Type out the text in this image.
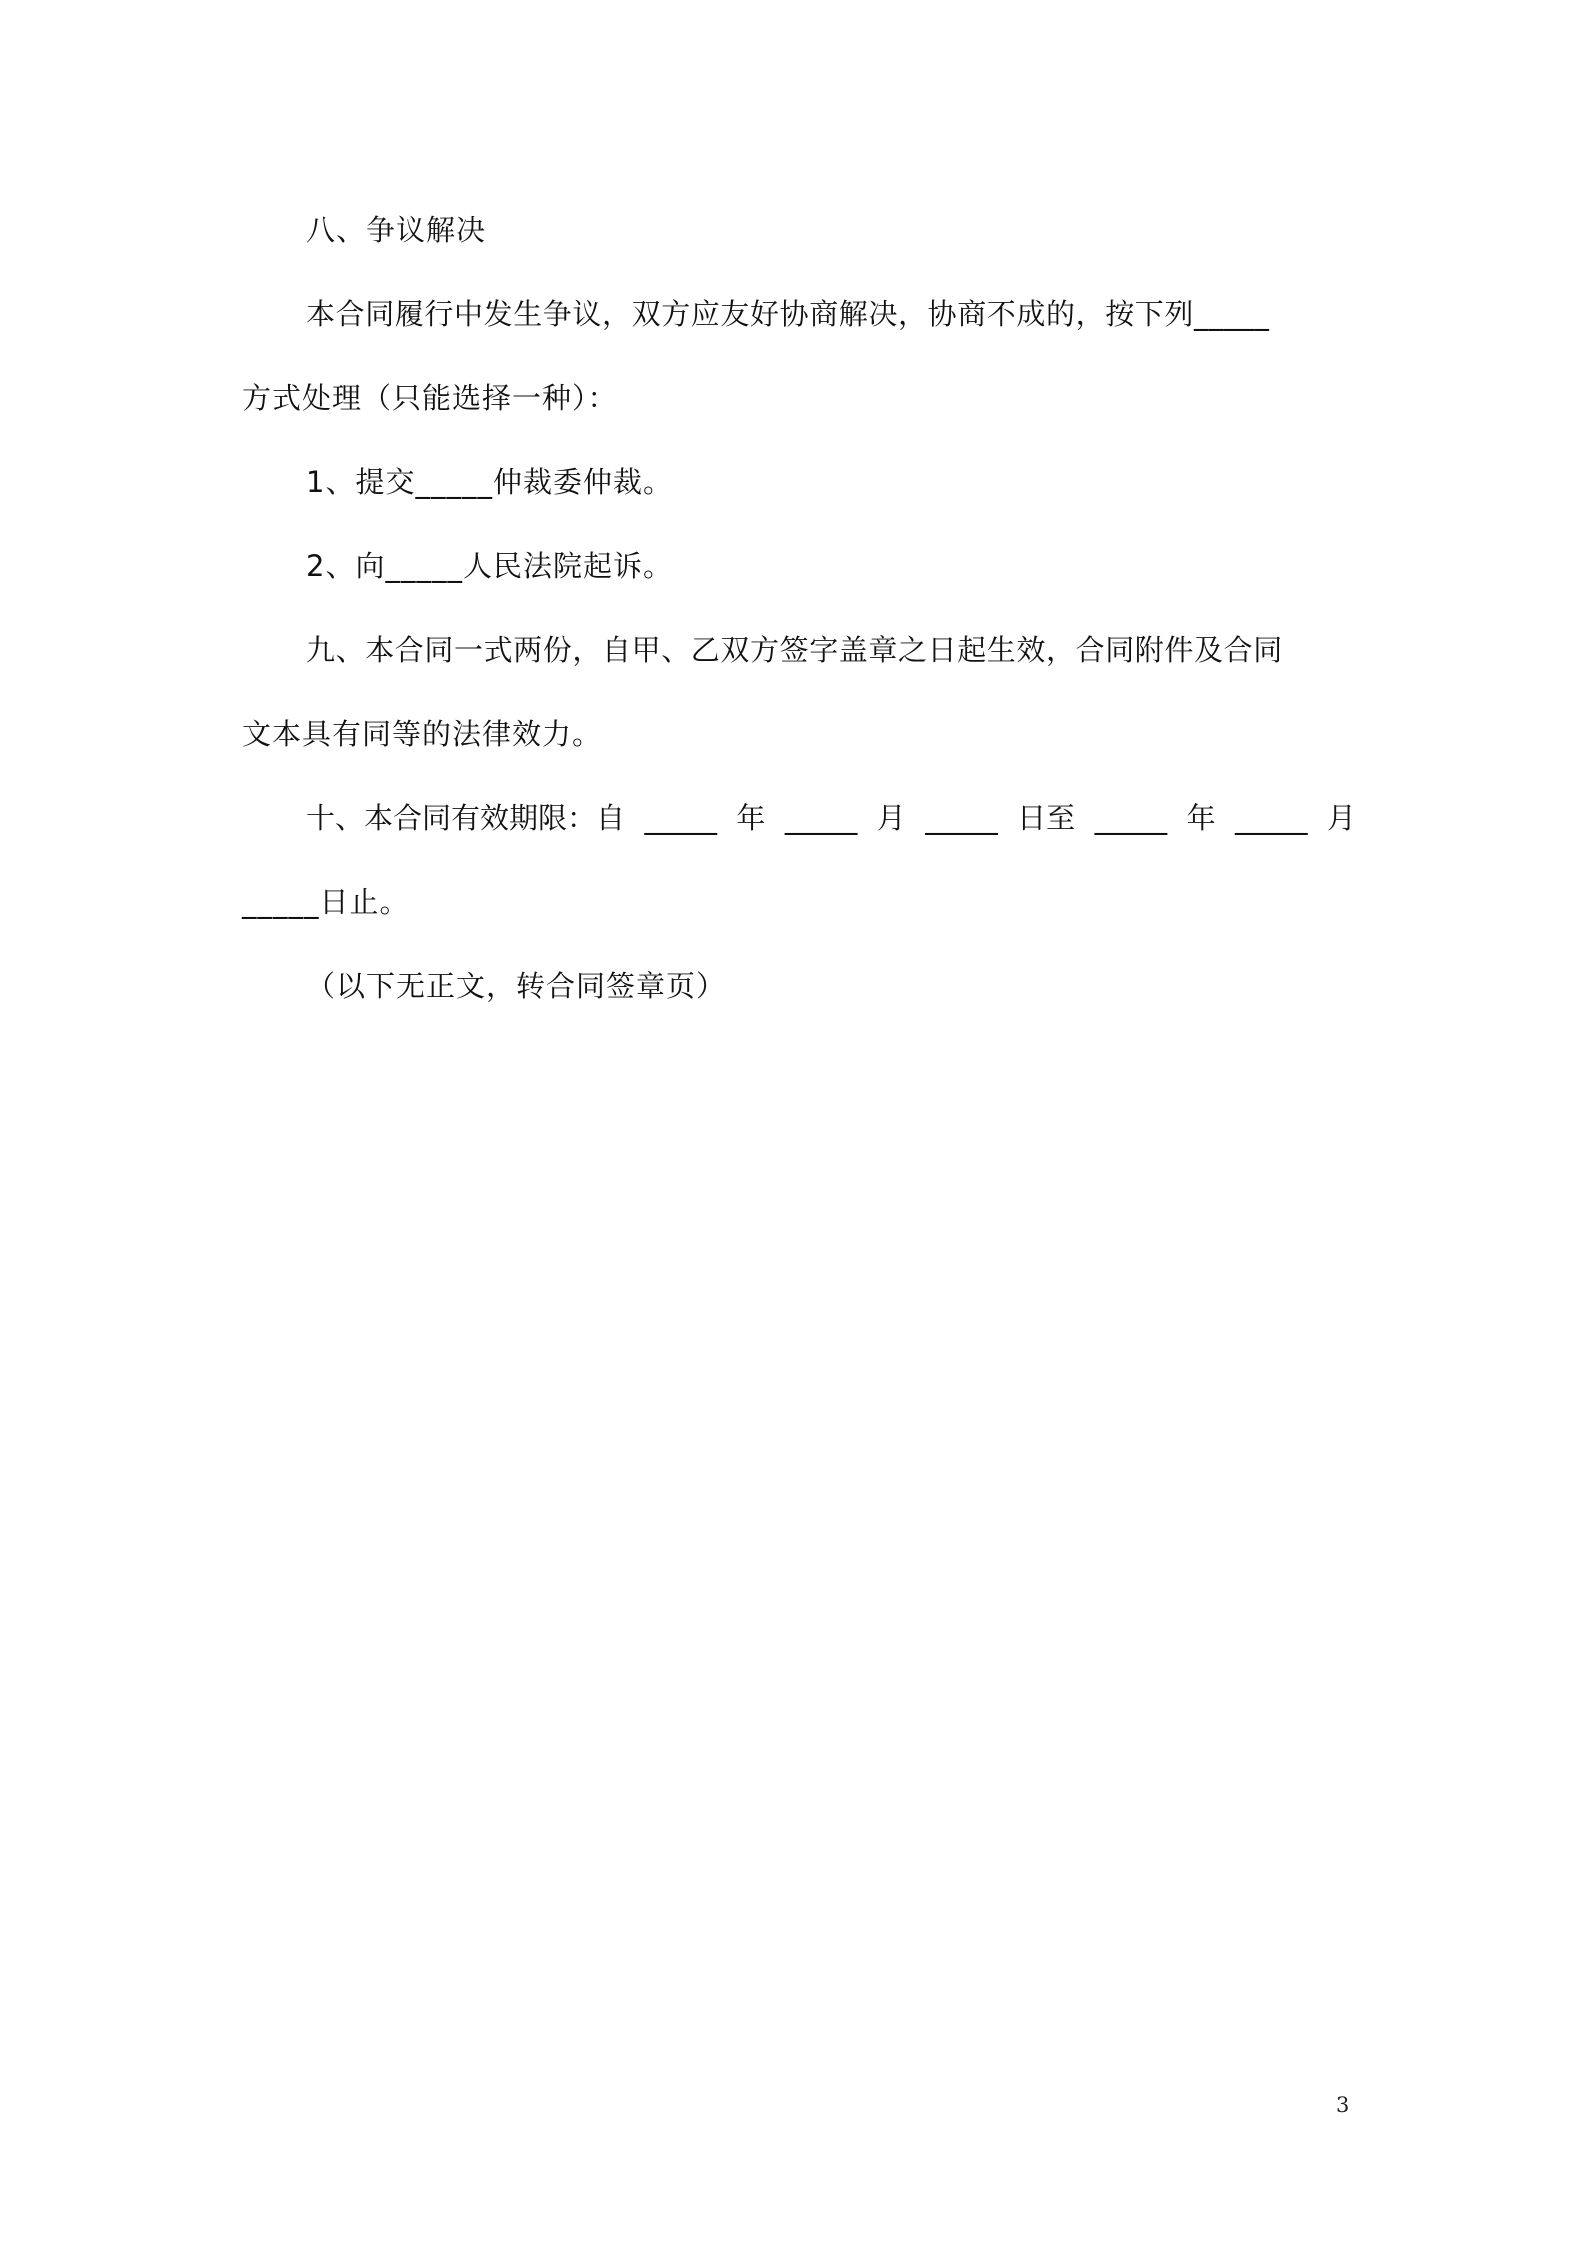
八、争议解决
本合同履行中发生争议，双方应友好协商解决，协商不成的，按下列_____
方式处理（只能选择一种）：
1、提交_____仲裁委仲裁。
2、向_____人民法院起诉。
九、本合同一式两份，自甲、乙双方签字盖章之日起生效，合同附件及合同
文本具有同等的法律效力。
十、本合同有效期限：自 _____ 年 _____ 月 _____ 日至 _____ 年 _____ 月
_____日止。
（以下无正文，转合同签章页）
3
